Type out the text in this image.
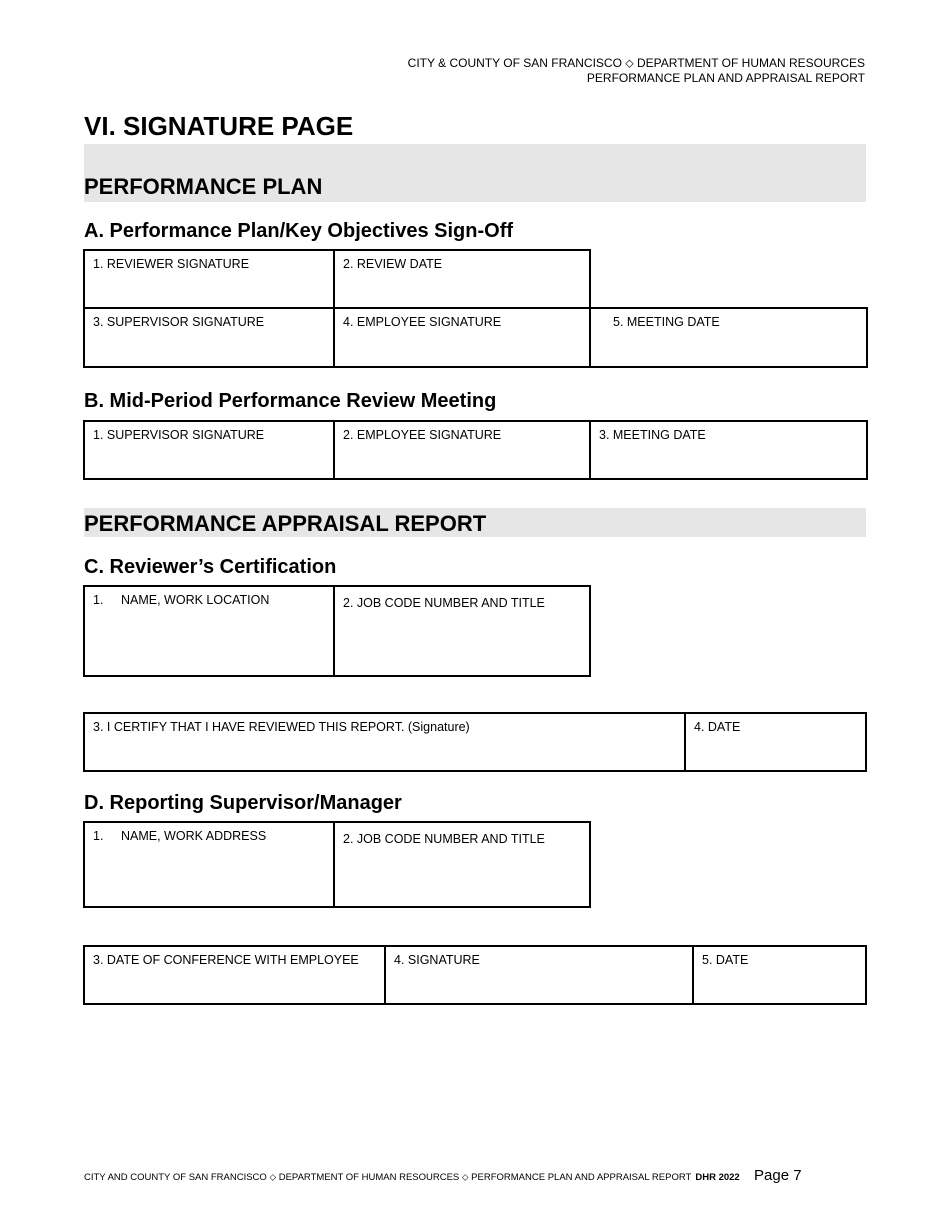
CITY & COUNTY OF SAN FRANCISCO ⬦ DEPARTMENT OF HUMAN RESOURCES
PERFORMANCE PLAN AND APPRAISAL REPORT
VI. SIGNATURE PAGE
PERFORMANCE PLAN
A. Performance Plan/Key Objectives Sign-Off
1. REVIEWER SIGNATURE	2. REVIEW DATE
3. SUPERVISOR SIGNATURE	4. EMPLOYEE SIGNATURE	5. MEETING DATE
B. Mid-Period Performance Review Meeting
1. SUPERVISOR SIGNATURE	2. EMPLOYEE SIGNATURE	3. MEETING DATE
PERFORMANCE APPRAISAL REPORT
C. Reviewer’s Certification
1. NAME, WORK LOCATION	2. JOB CODE NUMBER AND TITLE
3. I CERTIFY THAT I HAVE REVIEWED THIS REPORT. (Signature)	4. DATE
D. Reporting Supervisor/Manager
1. NAME, WORK ADDRESS	2. JOB CODE NUMBER AND TITLE
3. DATE OF CONFERENCE WITH EMPLOYEE	4. SIGNATURE	5. DATE
CITY AND COUNTY OF SAN FRANCISCO ⬦ DEPARTMENT OF HUMAN RESOURCES ⬦ PERFORMANCE PLAN AND APPRAISAL REPORT DHR 2022 Page 7
